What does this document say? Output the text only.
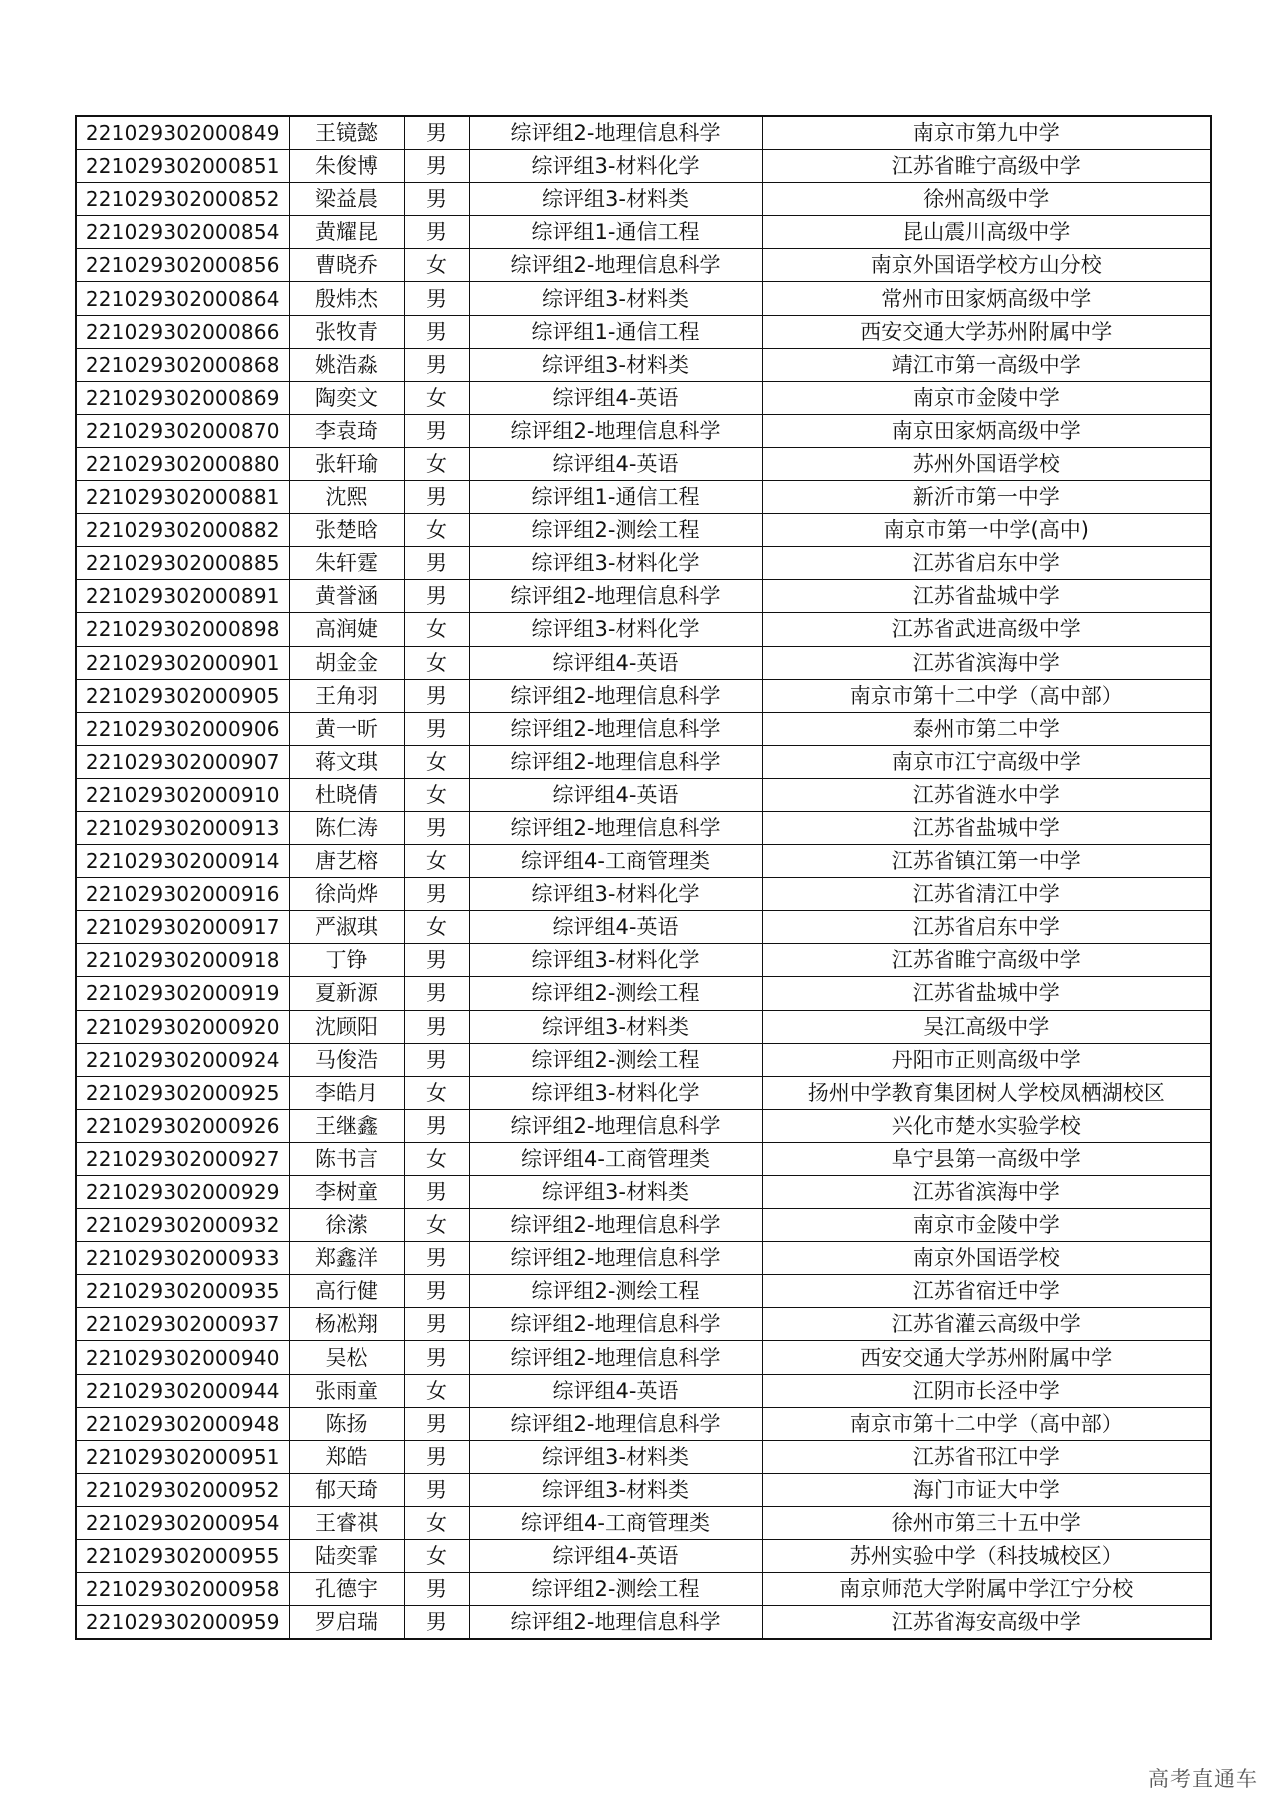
221029302000849	王镜懿	男	综评组2-地理信息科学	南京市第九中学
221029302000851	朱俊博	男	综评组3-材料化学	江苏省睢宁高级中学
221029302000852	梁益晨	男	综评组3-材料类	徐州高级中学
221029302000854	黄耀昆	男	综评组1-通信工程	昆山震川高级中学
221029302000856	曹晓乔	女	综评组2-地理信息科学	南京外国语学校方山分校
221029302000864	殷炜杰	男	综评组3-材料类	常州市田家炳高级中学
221029302000866	张牧青	男	综评组1-通信工程	西安交通大学苏州附属中学
221029302000868	姚浩淼	男	综评组3-材料类	靖江市第一高级中学
221029302000869	陶奕文	女	综评组4-英语	南京市金陵中学
221029302000870	李袁琦	男	综评组2-地理信息科学	南京田家炳高级中学
221029302000880	张轩瑜	女	综评组4-英语	苏州外国语学校
221029302000881	沈熙	男	综评组1-通信工程	新沂市第一中学
221029302000882	张楚晗	女	综评组2-测绘工程	南京市第一中学(高中)
221029302000885	朱轩霆	男	综评组3-材料化学	江苏省启东中学
221029302000891	黄誉涵	男	综评组2-地理信息科学	江苏省盐城中学
221029302000898	高润婕	女	综评组3-材料化学	江苏省武进高级中学
221029302000901	胡金金	女	综评组4-英语	江苏省滨海中学
221029302000905	王角羽	男	综评组2-地理信息科学	南京市第十二中学（高中部）
221029302000906	黄一昕	男	综评组2-地理信息科学	泰州市第二中学
221029302000907	蒋文琪	女	综评组2-地理信息科学	南京市江宁高级中学
221029302000910	杜晓倩	女	综评组4-英语	江苏省涟水中学
221029302000913	陈仁涛	男	综评组2-地理信息科学	江苏省盐城中学
221029302000914	唐艺榕	女	综评组4-工商管理类	江苏省镇江第一中学
221029302000916	徐尚烨	男	综评组3-材料化学	江苏省清江中学
221029302000917	严淑琪	女	综评组4-英语	江苏省启东中学
221029302000918	丁铮	男	综评组3-材料化学	江苏省睢宁高级中学
221029302000919	夏新源	男	综评组2-测绘工程	江苏省盐城中学
221029302000920	沈顾阳	男	综评组3-材料类	吴江高级中学
221029302000924	马俊浩	男	综评组2-测绘工程	丹阳市正则高级中学
221029302000925	李皓月	女	综评组3-材料化学	扬州中学教育集团树人学校凤栖湖校区
221029302000926	王继鑫	男	综评组2-地理信息科学	兴化市楚水实验学校
221029302000927	陈书言	女	综评组4-工商管理类	阜宁县第一高级中学
221029302000929	李树童	男	综评组3-材料类	江苏省滨海中学
221029302000932	徐潆	女	综评组2-地理信息科学	南京市金陵中学
221029302000933	郑鑫洋	男	综评组2-地理信息科学	南京外国语学校
221029302000935	高行健	男	综评组2-测绘工程	江苏省宿迁中学
221029302000937	杨凇翔	男	综评组2-地理信息科学	江苏省灌云高级中学
221029302000940	吴松	男	综评组2-地理信息科学	西安交通大学苏州附属中学
221029302000944	张雨童	女	综评组4-英语	江阴市长泾中学
221029302000948	陈扬	男	综评组2-地理信息科学	南京市第十二中学（高中部）
221029302000951	郑皓	男	综评组3-材料类	江苏省邗江中学
221029302000952	郁天琦	男	综评组3-材料类	海门市证大中学
221029302000954	王睿祺	女	综评组4-工商管理类	徐州市第三十五中学
221029302000955	陆奕霏	女	综评组4-英语	苏州实验中学（科技城校区）
221029302000958	孔德宇	男	综评组2-测绘工程	南京师范大学附属中学江宁分校
221029302000959	罗启瑞	男	综评组2-地理信息科学	江苏省海安高级中学
高考直通车
